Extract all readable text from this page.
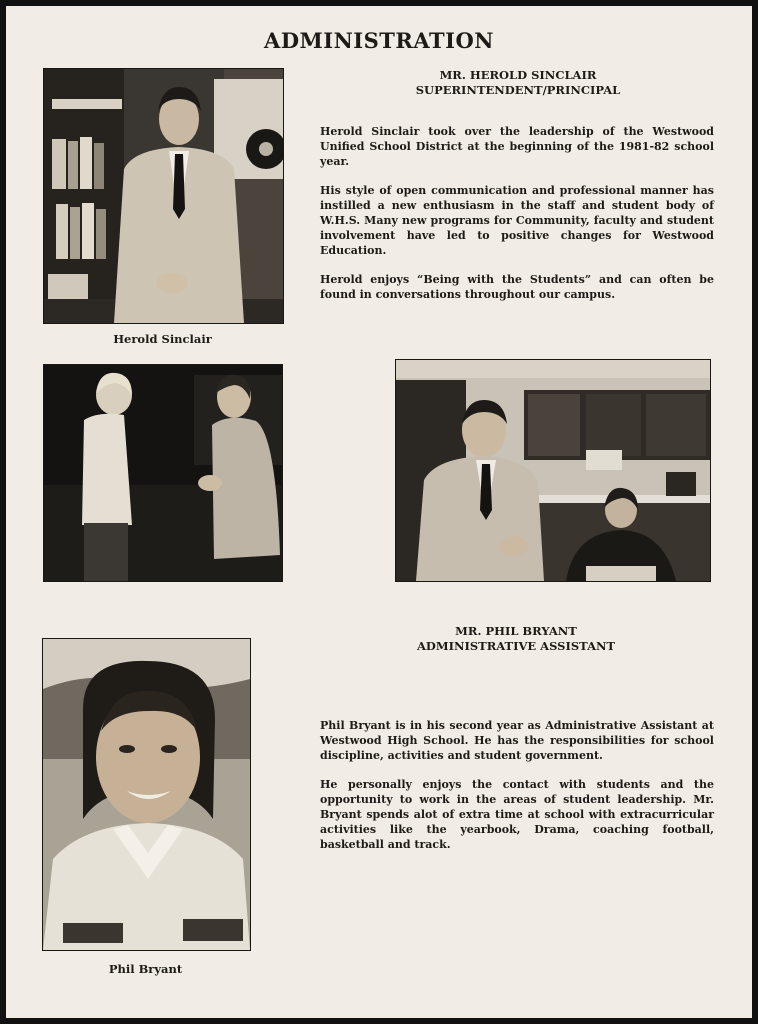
ADMINISTRATION
Herold Sinclair
MR. HEROLD SINCLAIR
SUPERINTENDENT/PRINCIPAL

Herold Sinclair took over the leadership of the Westwood Unified School District at the beginning of the 1981-82 school year.

His style of open communication and professional manner has instilled a new enthusiasm in the staff and student body of W.H.S. Many new programs for Community, faculty and student involvement have led to positive changes for Westwood Education.

Herold enjoys “Being with the Students” and can often be found in conversations throughout our campus.

MR. PHIL BRYANT
ADMINISTRATIVE ASSISTANT

Phil Bryant is in his second year as Administrative Assistant at Westwood High School. He has the responsibilities for school discipline, activities and student government.

He personally enjoys the contact with students and the opportunity to work in the areas of student leadership. Mr. Bryant spends alot of extra time at school with extracurricular activities like the yearbook, Drama, coaching football, basketball and track.

Phil Bryant
